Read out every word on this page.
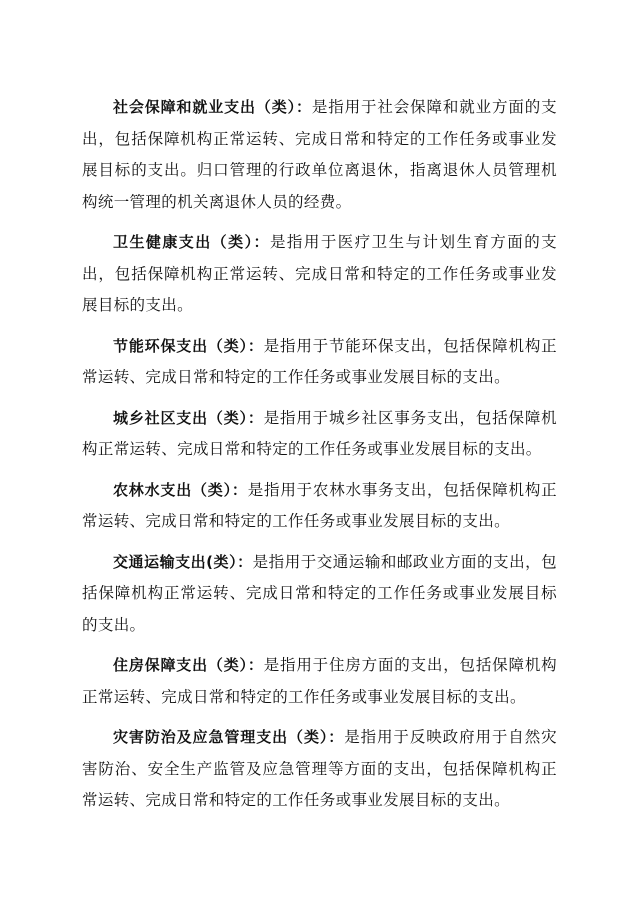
社会保障和就业支出（类）：是指用于社会保障和就业方面的支出，包括保障机构正常运转、完成日常和特定的工作任务或事业发展目标的支出。归口管理的行政单位离退休，指离退休人员管理机构统一管理的机关离退休人员的经费。

卫生健康支出（类）：是指用于医疗卫生与计划生育方面的支出，包括保障机构正常运转、完成日常和特定的工作任务或事业发展目标的支出。

节能环保支出（类）：是指用于节能环保支出，包括保障机构正常运转、完成日常和特定的工作任务或事业发展目标的支出。

城乡社区支出（类）：是指用于城乡社区事务支出，包括保障机构正常运转、完成日常和特定的工作任务或事业发展目标的支出。

农林水支出（类）：是指用于农林水事务支出，包括保障机构正常运转、完成日常和特定的工作任务或事业发展目标的支出。

交通运输支出(类）：是指用于交通运输和邮政业方面的支出，包括保障机构正常运转、完成日常和特定的工作任务或事业发展目标的支出。

住房保障支出（类）：是指用于住房方面的支出，包括保障机构正常运转、完成日常和特定的工作任务或事业发展目标的支出。

灾害防治及应急管理支出（类）：是指用于反映政府用于自然灾害防治、安全生产监管及应急管理等方面的支出，包括保障机构正常运转、完成日常和特定的工作任务或事业发展目标的支出。
